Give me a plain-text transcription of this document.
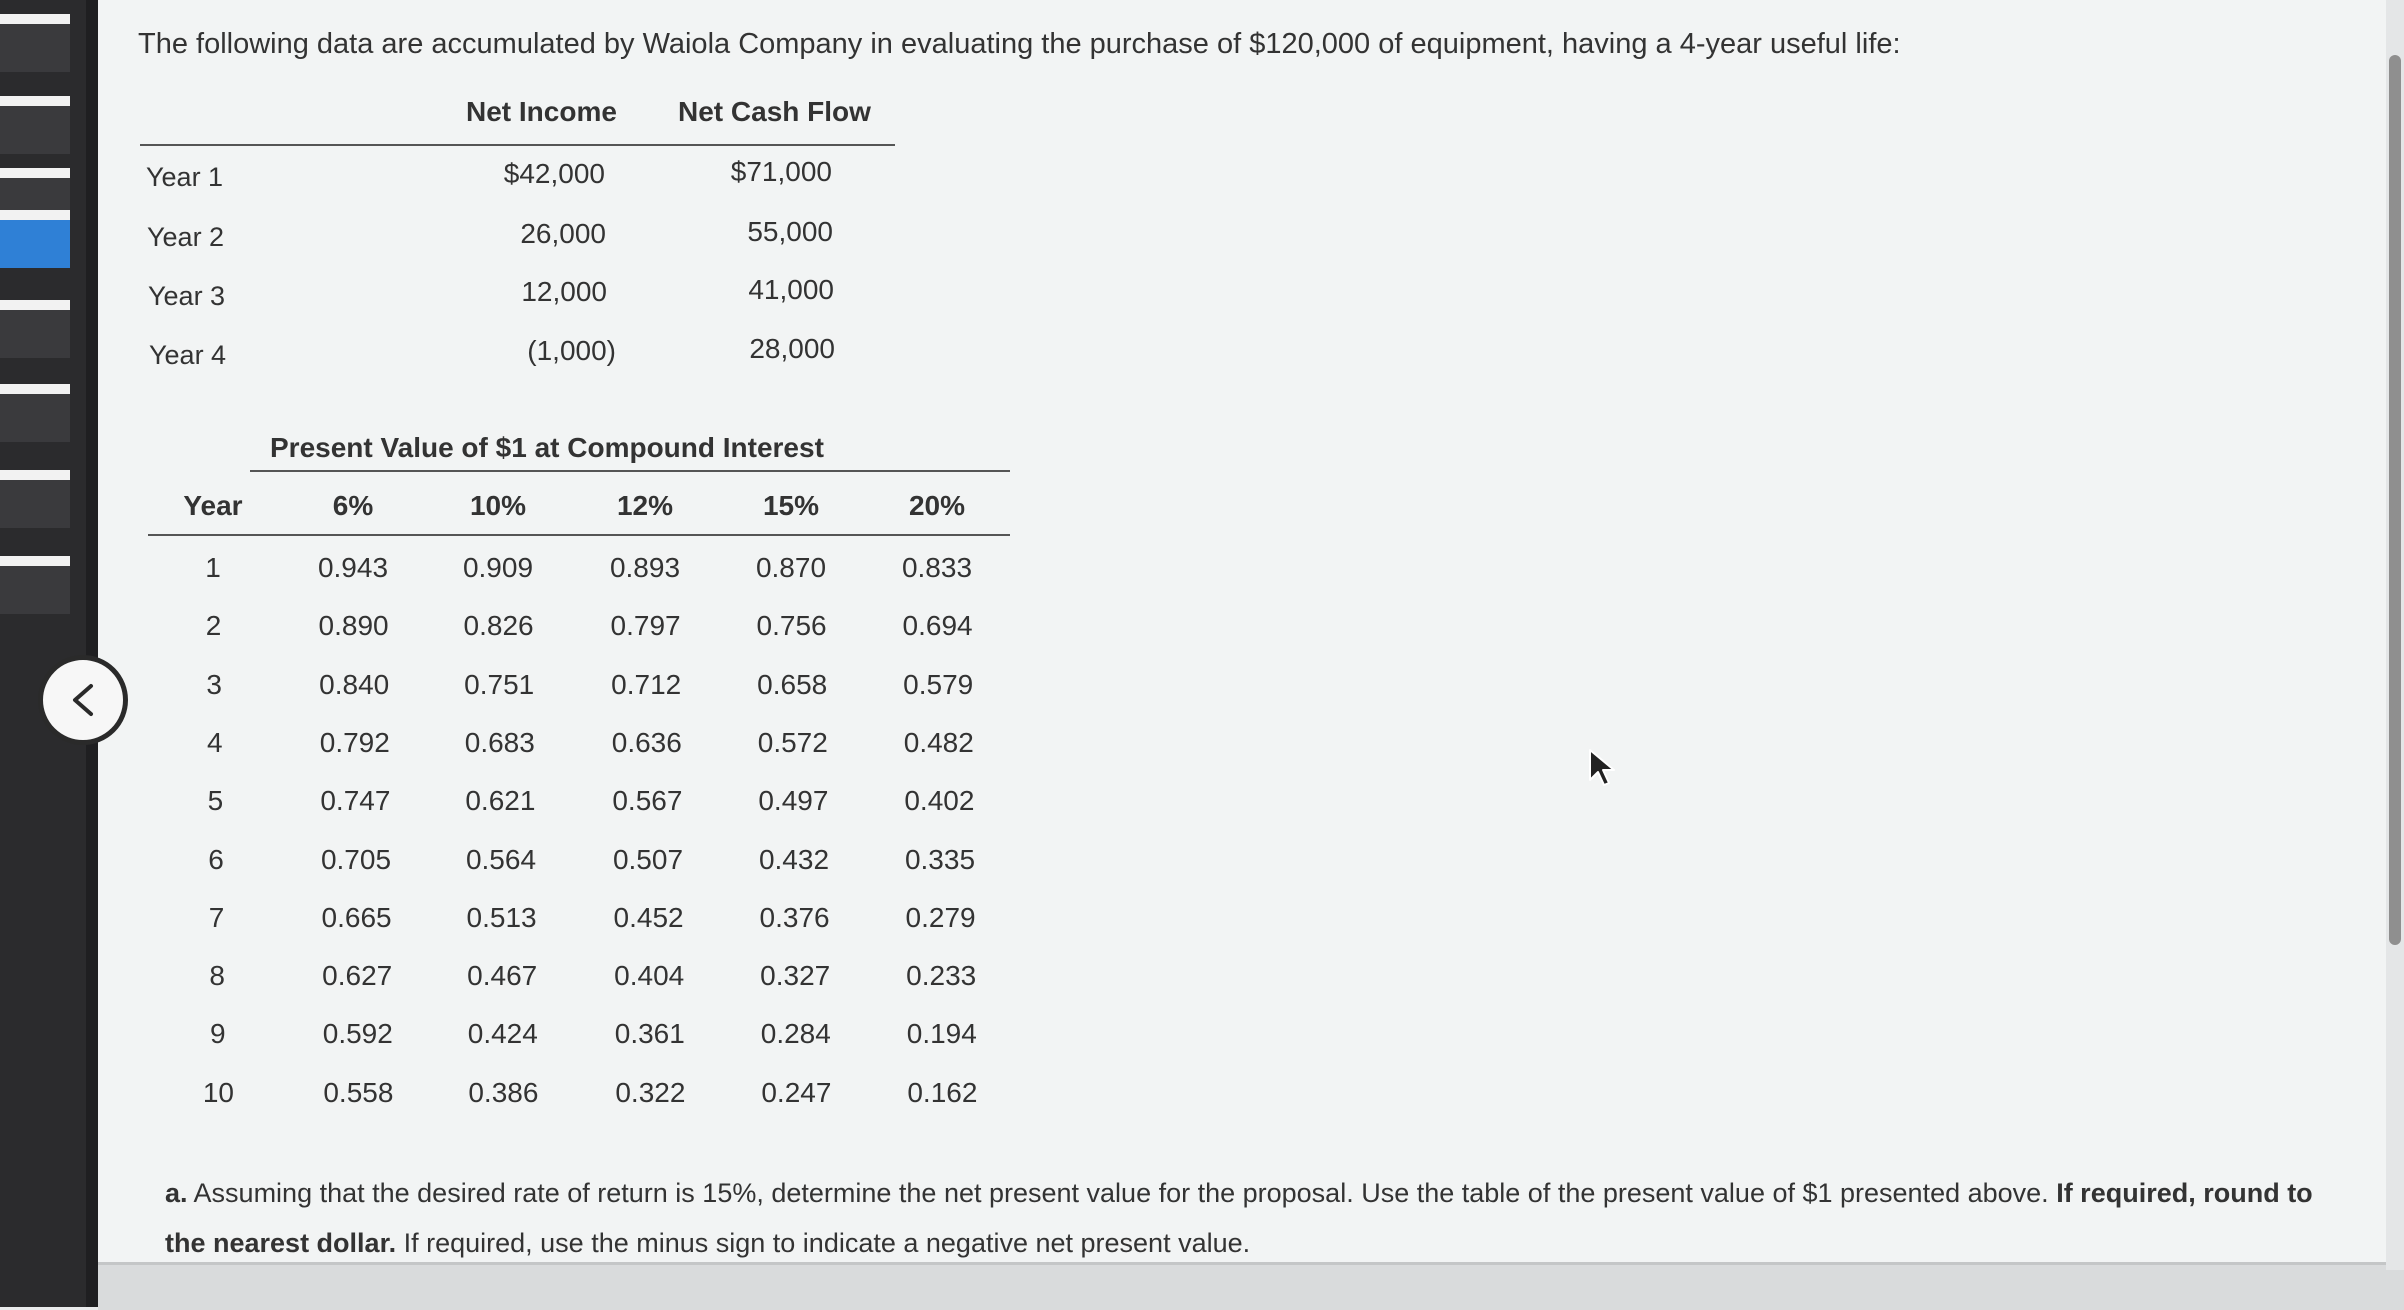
The following data are accumulated by Waiola Company in evaluating the purchase of $120,000 of equipment, having a 4-year useful life:
Net Income Net Cash Flow
Year 1	$42,000	$71,000
Year 2	26,000	55,000
Year 3	12,000	41,000
Year 4	(1,000)	28,000
Present Value of $1 at Compound Interest
Year	6%	10%	12%	15%	20%
1	0.943	0.909	0.893	0.870	0.833
2	0.890	0.826	0.797	0.756	0.694
3	0.840	0.751	0.712	0.658	0.579
4	0.792	0.683	0.636	0.572	0.482
5	0.747	0.621	0.567	0.497	0.402
6	0.705	0.564	0.507	0.432	0.335
7	0.665	0.513	0.452	0.376	0.279
8	0.627	0.467	0.404	0.327	0.233
9	0.592	0.424	0.361	0.284	0.194
10	0.558	0.386	0.322	0.247	0.162
a. Assuming that the desired rate of return is 15%, determine the net present value for the proposal. Use the table of the present value of $1 presented above. If required, round to the nearest dollar. If required, use the minus sign to indicate a negative net present value.
